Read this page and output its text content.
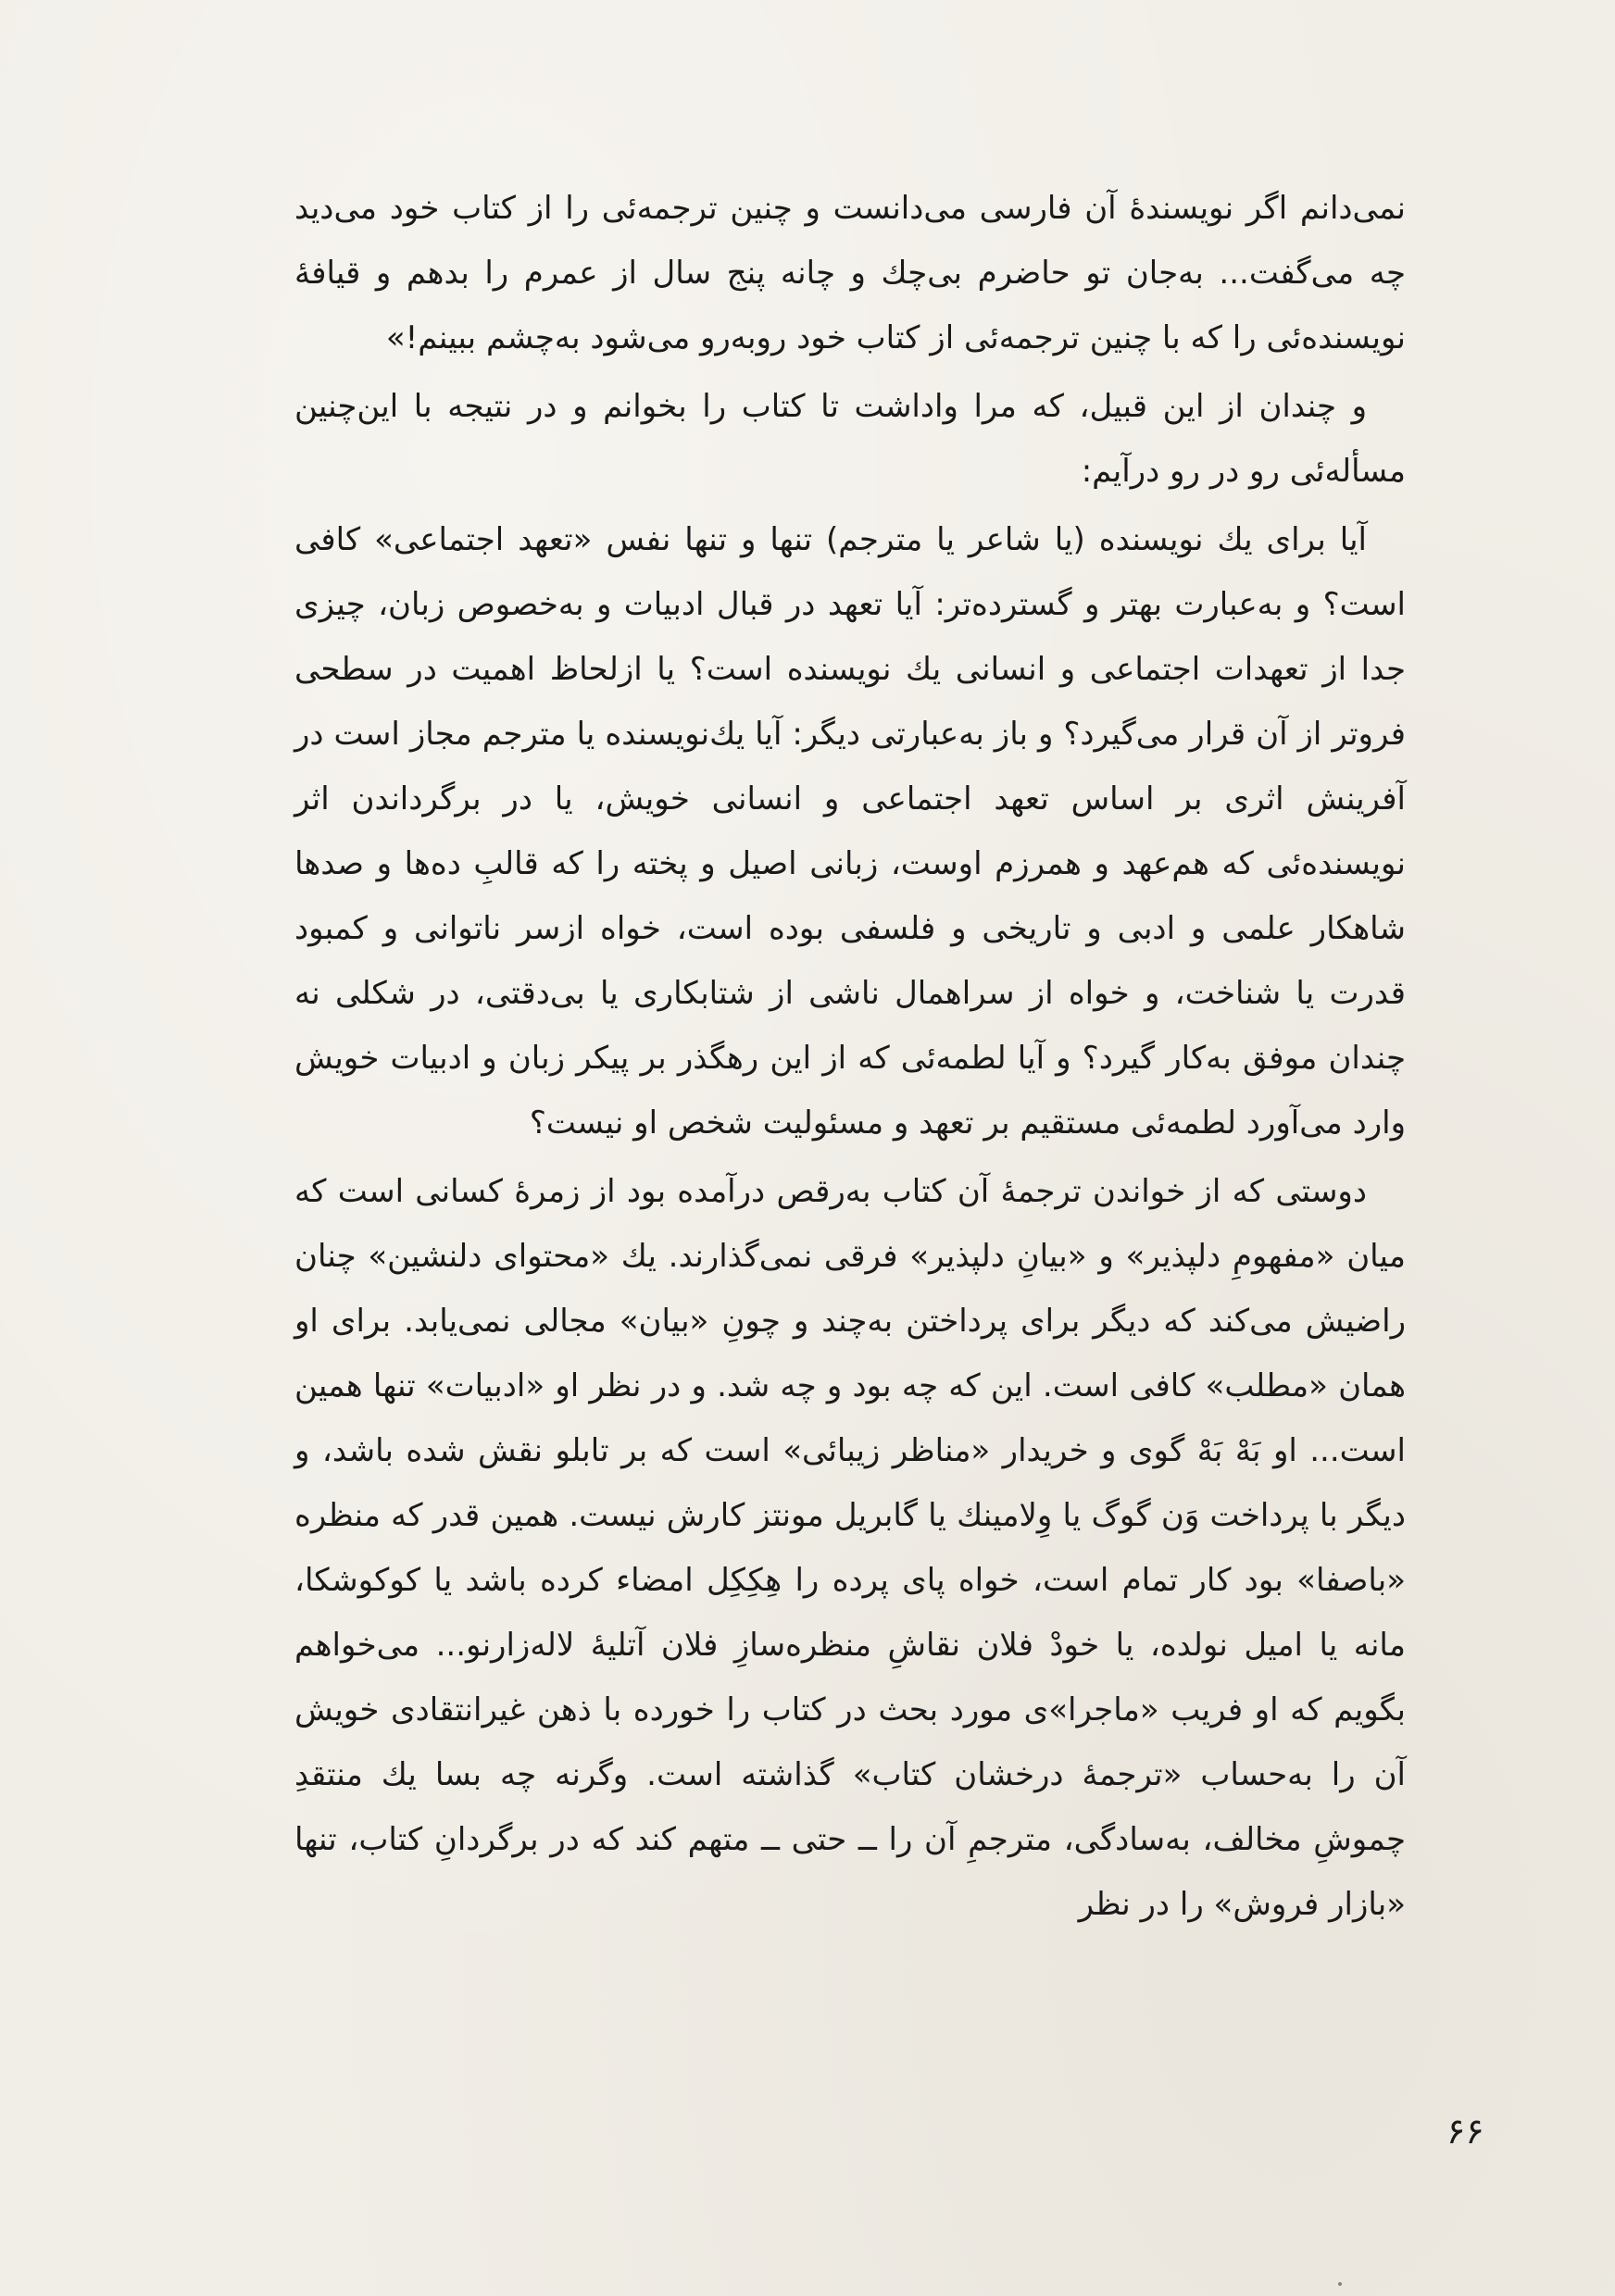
نمی‌دانم اگر نویسندهٔ آن فارسی می‌دانست و چنین ترجمه‌ئی را از کتاب خود می‌دید چه می‌گفت... به‌جان تو حاضرم بی‌چك و چانه پنج سال از عمرم را بدهم و قیافهٔ نویسنده‌ئی را که با چنین ترجمه‌ئی از کتاب خود روبه‌رو می‌شود به‌چشم ببینم!»

و چندان از این قبیل، که مرا واداشت تا کتاب را بخوانم و در نتیجه با این‌چنین مسأله‌ئی رو در رو درآیم:

آیا برای یك نویسنده (یا شاعر یا مترجم) تنها و تنها نفس «تعهد اجتماعی» کافی است؟ و به‌عبارت بهتر و گسترده‌تر: آیا تعهد در قبال ادبیات و به‌خصوص زبان، چیزی جدا از تعهدات اجتماعی و انسانی یك نویسنده است؟ یا ازلحاظ اهمیت در سطحی فروتر از آن قرار می‌گیرد؟ و باز به‌عبارتی دیگر: آیا یك‌نویسنده یا مترجم مجاز است در آفرینش اثری بر اساس تعهد اجتماعی و انسانی خویش، یا در برگرداندن اثر نویسنده‌ئی که هم‌عهد و همرزم اوست، زبانی اصیل و پخته را که قالبِ ده‌ها و صدها شاهکار علمی و ادبی و تاریخی و فلسفی بوده است، خواه ازسر ناتوانی و کمبود قدرت یا شناخت، و خواه از سراهمال ناشی از شتابکاری یا بی‌دقتی، در شکلی نه چندان موفق به‌کار گیرد؟ و آیا لطمه‌ئی که از این رهگذر بر پیکر زبان و ادبیات خویش وارد می‌آورد لطمه‌ئی مستقیم بر تعهد و مسئولیت شخص او نیست؟

دوستی که از خواندن ترجمهٔ آن کتاب به‌رقص درآمده بود از زمرهٔ کسانی است که میان «مفهومِ دلپذیر» و «بیانِ دلپذیر» فرقی نمی‌گذارند. یك «محتوای دلنشین» چنان راضیش می‌کند که دیگر برای پرداختن به‌چند و چونِ «بیان» مجالی نمی‌یابد. برای او همان «مطلب» کافی است. این که چه بود و چه شد. و در نظر او «ادبیات» تنها همین است... او بَهْ بَهْ گوی و خریدار «مناظر زیبائی» است که بر تابلو نقش شده باشد، و دیگر با پرداخت وَن گوگ یا وِلامینك یا گابریل مونتز کارش نیست. همین قدر که منظره «باصفا» بود کار تمام است، خواه پای پرده را هِکِکِل امضاء کرده باشد یا کوکوشکا، مانه یا امیل نولده، یا خودْ فلان نقاشِ منظره‌سازِ فلان آتلیهٔ لاله‌زارنو... می‌خواهم بگویم که او فریب «ماجرا»ی مورد بحث در کتاب را خورده با ذهن غیرانتقادی خویش آن را به‌حساب «ترجمهٔ درخشان کتاب» گذاشته است. وگرنه چه بسا یك منتقدِ چموشِ مخالف، به‌سادگی، مترجمِ آن را ــ حتی ــ متهم کند که در برگردانِ کتاب، تنها «بازار فروش» را در نظر

۶۶
